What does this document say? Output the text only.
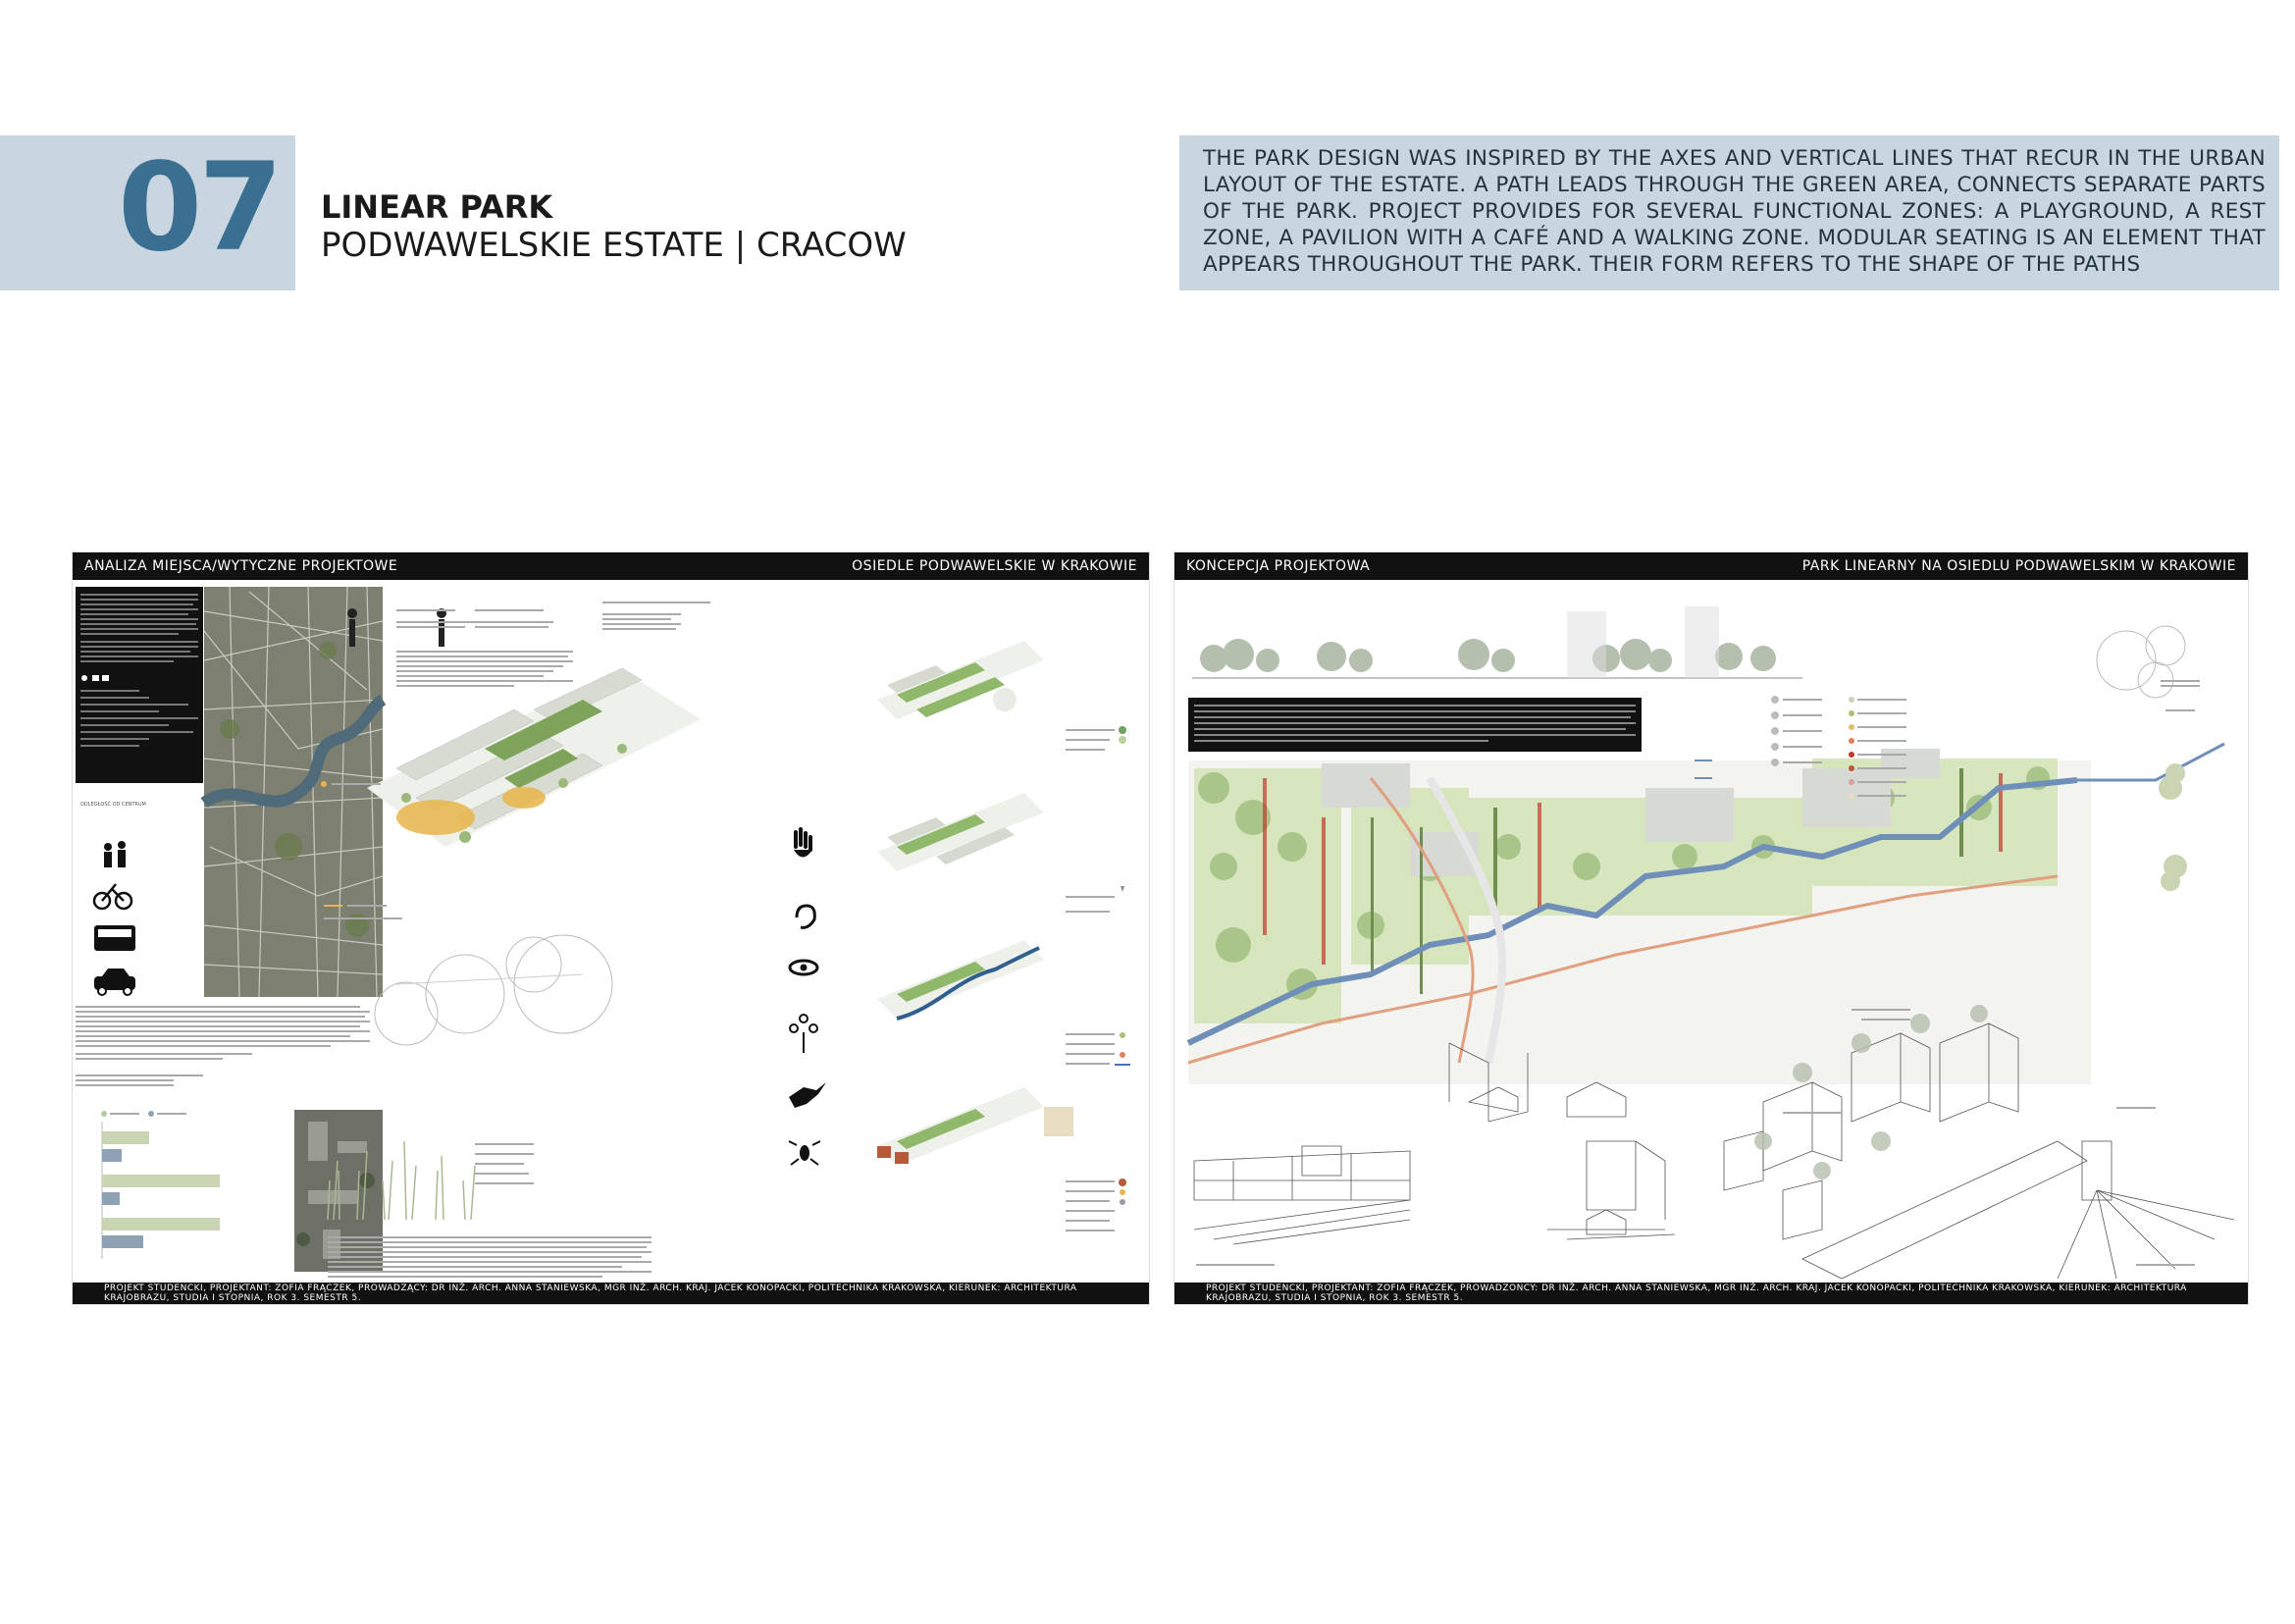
07 LINEAR PARK
PODWAWELSKIE ESTATE | CRACOW
THE PARK DESIGN WAS INSPIRED BY THE AXES AND VERTICAL LINES THAT RECUR IN THE URBAN LAYOUT OF THE ESTATE. A PATH LEADS THROUGH THE GREEN AREA, CONNECTS SEPARATE PARTS OF THE PARK. PROJECT PROVIDES FOR SEVERAL FUNCTIONAL ZONES: A PLAYGROUND, A REST ZONE, A PAVILION WITH A CAFÉ AND A WALKING ZONE. MODULAR SEATING IS AN ELEMENT THAT APPEARS THROUGHOUT THE PARK. THEIR FORM REFERS TO THE SHAPE OF THE PATHS
ANALIZA MIEJSCA/WYTYCZNE PROJEKTOWE	OSIEDLE PODWAWELSKIE W KRAKOWIE
ODLEGŁOŚĆ OD CENTRUM
PROJEKT STUDENCKI, PROJEKTANT: ZOFIA FRĄCZEK, PROWADZĄCY: DR INŻ. ARCH. ANNA STANIEWSKA, MGR INŻ. ARCH. KRAJ. JACEK KONOPACKI, POLITECHNIKA KRAKOWSKA, KIERUNEK: ARCHITEKTURA KRAJOBRAZU, STUDIA I STOPNIA, ROK 3. SEMESTR 5.
KONCEPCJA PROJEKTOWA	PARK LINEARNY NA OSIEDLU PODWAWELSKIM W KRAKOWIE
PROJEKT STUDENCKI, PROJEKTANT: ZOFIA FRĄCZEK, PROWADZONCY: DR INŻ. ARCH. ANNA STANIEWSKA, MGR INŻ. ARCH. KRAJ. JACEK KONOPACKI, POLITECHNIKA KRAKOWSKA, KIERUNEK: ARCHITEKTURA KRAJOBRAZU, STUDIA I STOPNIA, ROK 3. SEMESTR 5.
